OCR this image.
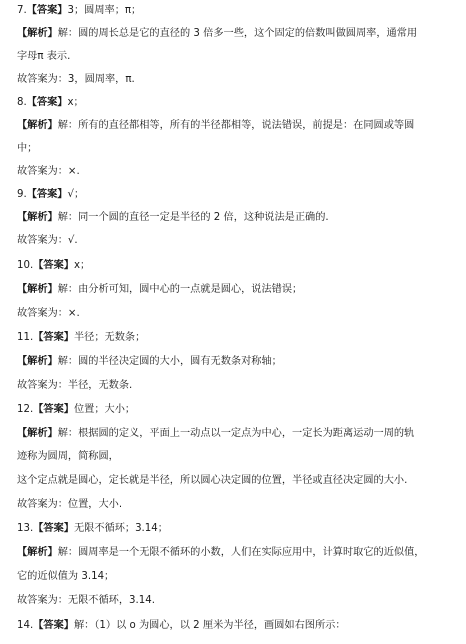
7.【答案】3；圆周率；π；
【解析】解：圆的周长总是它的直径的 3 倍多一些，这个固定的倍数叫做圆周率，通常用
字母π 表示.
故答案为：3，圆周率，π.
8.【答案】x；
【解析】解：所有的直径都相等，所有的半径都相等，说法错误，前提是：在同圆或等圆
中；
故答案为：×.
9.【答案】√；
【解析】解：同一个圆的直径一定是半径的 2 倍，这种说法是正确的.
故答案为：√.
10.【答案】x；
【解析】解：由分析可知，圆中心的一点就是圆心，说法错误；
故答案为：×.
11.【答案】半径；无数条；
【解析】解：圆的半径决定圆的大小，圆有无数条对称轴；
故答案为：半径，无数条.
12.【答案】位置；大小；
【解析】解：根据圆的定义，平面上一动点以一定点为中心，一定长为距离运动一周的轨
迹称为圆周，简称圆，
这个定点就是圆心，定长就是半径，所以圆心决定圆的位置，半径或直径决定圆的大小.
故答案为：位置，大小.
13.【答案】无限不循环；3.14；
【解析】解：圆周率是一个无限不循环的小数，人们在实际应用中，计算时取它的近似值，
它的近似值为 3.14；
故答案为：无限不循环，3.14.
14.【答案】解：（1）以 o 为圆心，以 2 厘米为半径，画圆如右图所示：
